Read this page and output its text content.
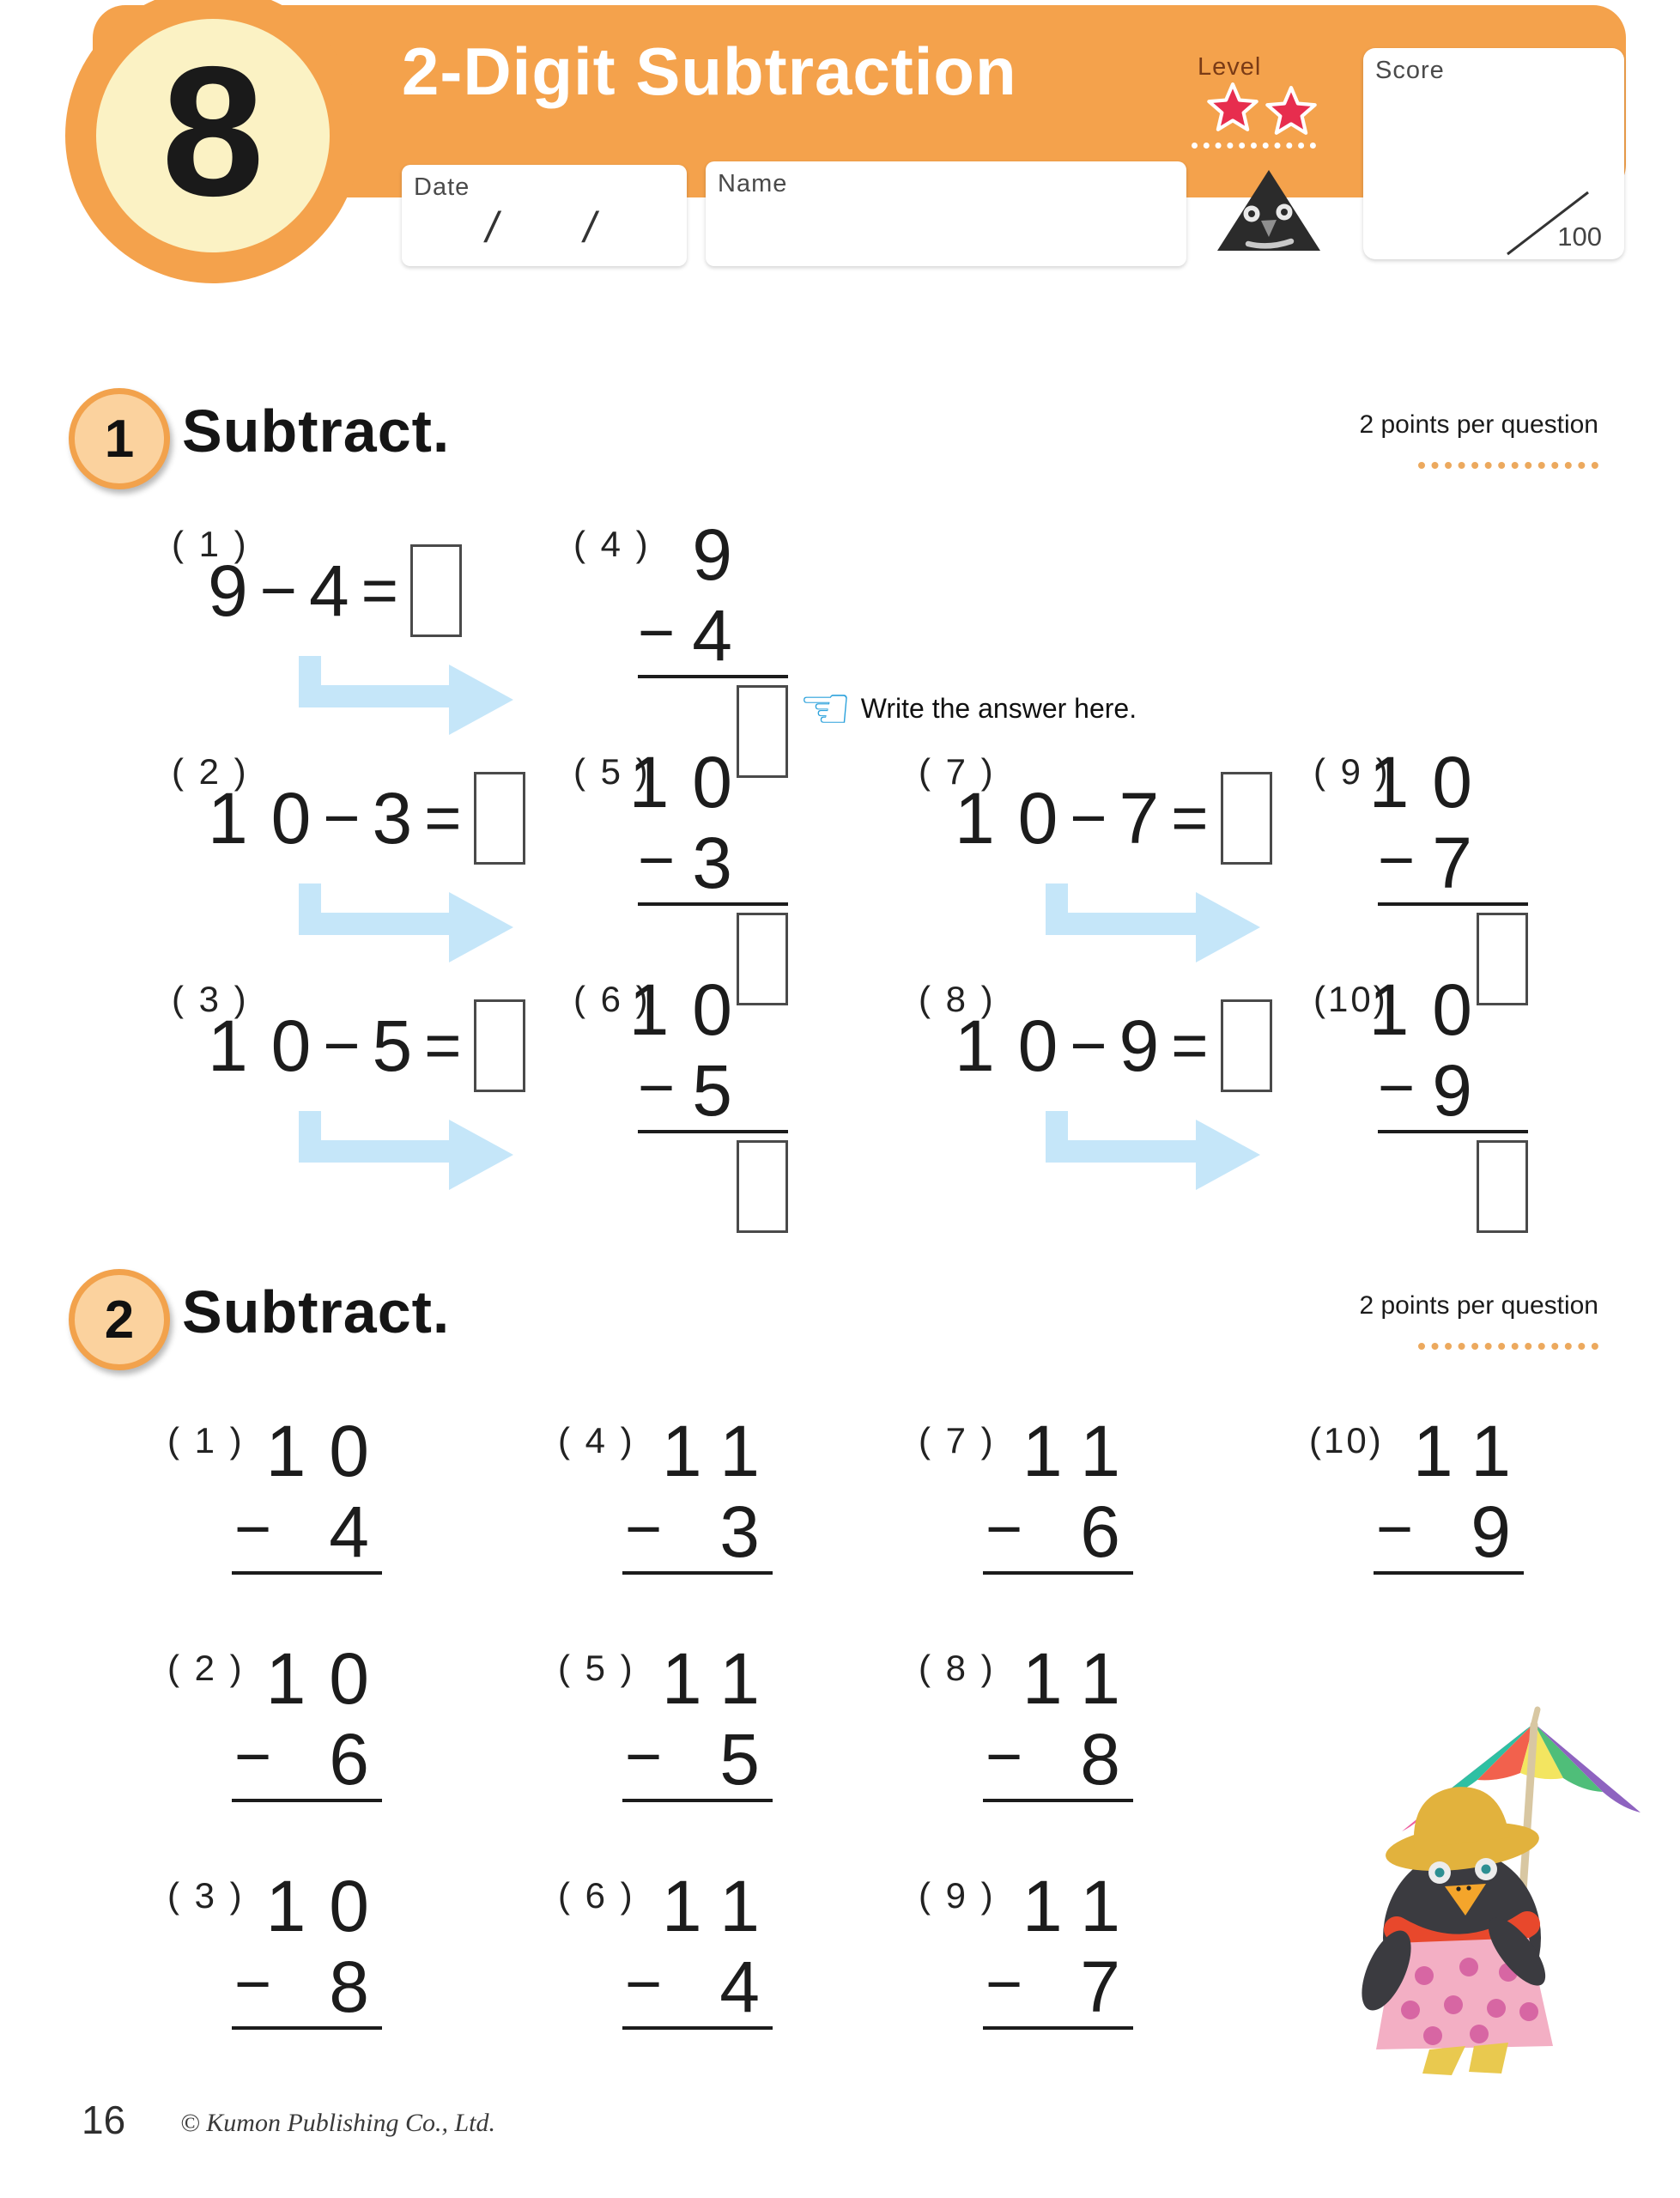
8 2-Digit Subtraction
Date
/ /
Name
Level	Score
100
1 Subtract.	2 points per question
( 1 )
9
− 4
=
( 2 )
10
− 3
=
( 3 )
10
− 5
=
( 7 )
10
− 7
=
( 8 )
10
− 9
=
( 4 ) 9
− 4
☜ Write the answer here.
( 5 )
10
− 3
( 6 )
10
− 5
( 9 )
10
− 7
(10)
10
− 9
2 Subtract.	2 points per question
( 1 ) 10
− 4
( 4 ) 11
− 3
( 7 ) 11
− 6
(10) 11
− 9
( 2 ) 10
− 6
( 5 ) 11
− 5
( 8 ) 11
− 8
( 3 ) 10
− 8
( 6 ) 11
− 4
( 9 ) 11
− 7
16 © Kumon Publishing Co., Ltd.
